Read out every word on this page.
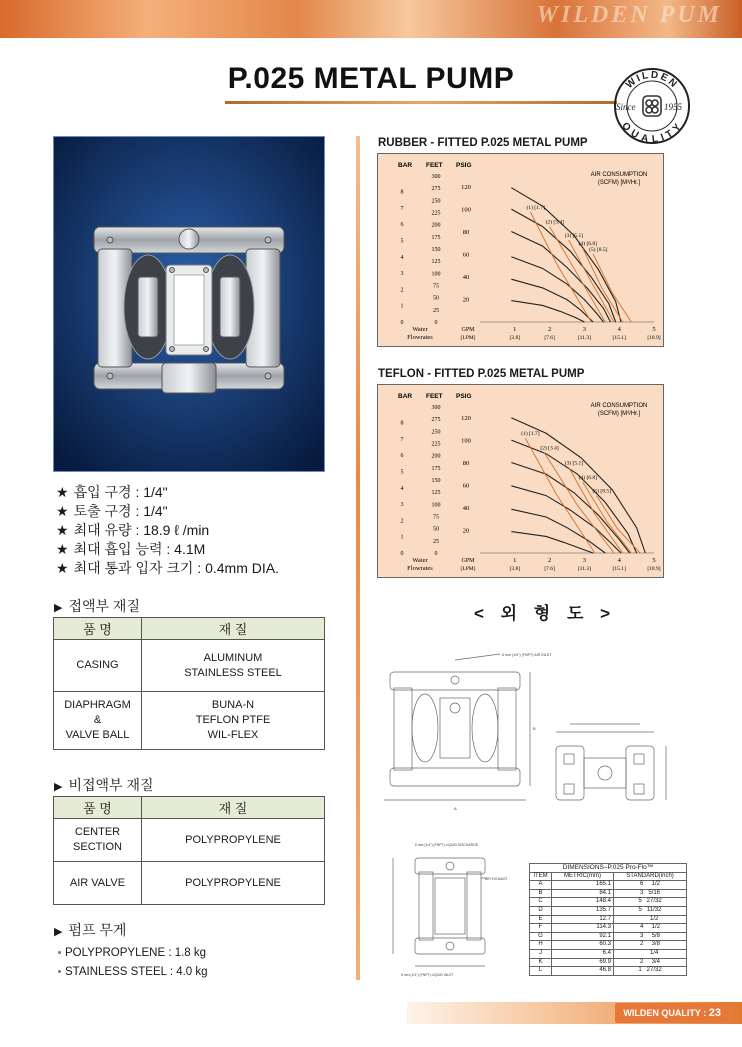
WILDEN PUM
P.025 METAL PUMP	WILDEN
QUALITY
Since	1955
★ 흡입 구경 : 1/4ʺ
★ 토출 구경 : 1/4ʺ
★ 최대 유량 : 18.9 ℓ /min
★ 최대 흡입 능력 : 4.1M
★ 최대 통과 입자 크기 : 0.4mm DIA.
▶ 접액부 재질
품 명	재 질
CASING	ALUMINUM
STAINLESS STEEL
DIAPHRAGM
&
VALVE BALL	BUNA-N
TEFLON PTFE
WIL-FLEX
▶ 비접액부 재질
품 명	재 질
CENTER
SECTION	POLYPROPYLENE
AIR VALVE	POLYPROPYLENE
▶ 펌프 무게
POLYPROPYLENE : 1.8 kg
STAINLESS STEEL : 4.0 kg
RUBBER - FITTED P.025 METAL PUMP
BAR FEET PSIG
300
275
250
225
200
175
150
125
100
75
50
25
0
8
7
6
5
4
3
2
1
0
120
100
80
60
40
20
1
[3.8]
2
[7.6]
3
[11.3]
4
[15.1]
5
[18.9]
Water
Flowrates
GPM
[LPM]
AIR CONSUMPTION
(SCFM) [M³/Hr.]
(1) [1.7]
(2) [3.4]
(3) [5.1]
(4) [6.8]
(5) [8.5]
TEFLON - FITTED P.025 METAL PUMP
BAR FEET PSIG
300
275
250
225
200
175
150
125
100
75
50
25
0
8
7
6
5
4
3
2
1
0
120
100
80
60
40
20
1
[3.8]
2
[7.6]
3
[11.3]
4
[15.1]
5
[18.9]
Water
Flowrates
GPM
[LPM]
AIR CONSUMPTION
(SCFM) [M³/Hr.]
(1) [1.7]
(2) [3.4]
(3) [5.1]
(4) [6.8]
(5) [8.5]
< 외 형 도 >
6 mm (1/4") (FNPT) AIR INLET
A
B
6 mm (1/4") (FNPT) LIQUID DISCHARGE
AIR EXHAUST
6 mm (1/4") (FNPT) LIQUID INLET
DIMENSIONS–P.025 Pro-Flo™		
ITEM	METRIC(mm)	STANDARD(inch)
A	165.1	6     1/2
B	84.1	3   5/16
C	148.4	5   27/32
D	135.7	5   11/32
E	12.7	1/2
F	114.3	4     1/2
G	92.1	3     5/8
H	60.3	2     3/8
J	6.4	1/4
K	69.9	2     3/4
L	46.8	1   27/32
WILDEN QUALITY : 23
